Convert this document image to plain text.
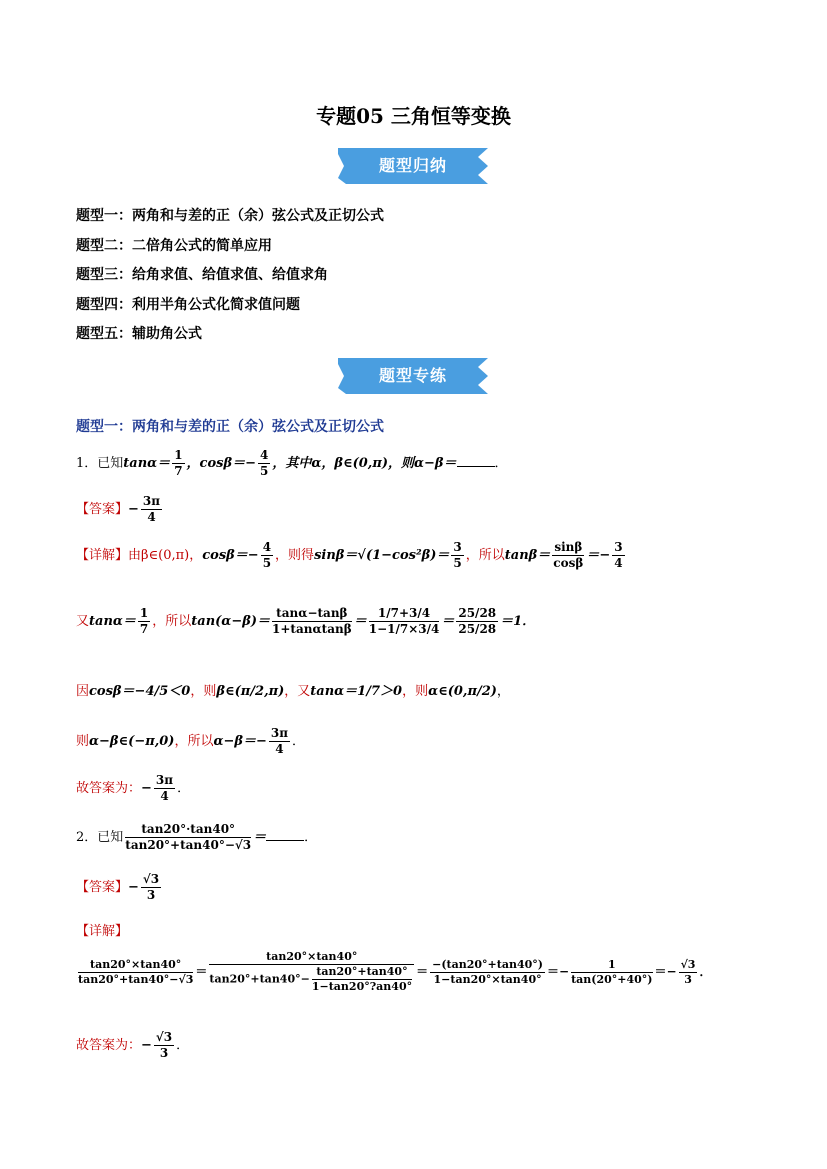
专题05 三角恒等变换
题型归纳
题型一：两角和与差的正（余）弦公式及正切公式
题型二：二倍角公式的简单应用
题型三：给角求值、给值求值、给值求角
题型四：利用半角公式化简求值问题
题型五：辅助角公式
题型专练
题型一：两角和与差的正（余）弦公式及正切公式
1．已知$\tan\alpha= \frac{1}{7}$ ，$\cos\beta=- \frac{4}{5}$ ，其中α，β∈(0,π)，则α−β＝	．
【答案】− $\frac{3\pi}{4}$
【详解】由β∈(0,π)，$\cos\beta=- \frac{4}{5}$ ，则得$\sin\beta=√(1-\cos^2\beta)= \frac{3}{5}$ ，所以$\tan\beta= \frac{\sin\beta}{\cos\beta} =- \frac{3}{4}$
又$\tan\alpha= \frac{1}{7}$ ，所以$\tan(\alpha-\beta)= \frac{\tan\alpha-\tan\beta}{1+\tan\alpha\tan\beta} = \frac{1/7+3/4}{1-1/7\times 3/4} = \frac{25/28}{25/28} =1$．
因cosβ＝−4/5＜0，则β∈(π/2,π)，又tanα＝1/7＞0，则α∈(0,π/2)，
则α−β∈(−π,0)，所以$\alpha-\beta=- \frac{3\pi}{4}$ ．
故答案为：− $\frac{3\pi}{4}$ ．
2．已知 $\frac{\tan 20^\circ\cdot\tan 40^\circ}{\tan 20^\circ+\tan 40^\circ-√3}$ ＝	．
【答案】− $\frac{√3}{3}$
【详解】
$\frac{\tan 20^\circ\times\tan 40^\circ}{\tan 20^\circ+\tan 40^\circ-√3} = \frac{\tan 20^\circ\times\tan 40^\circ}{\tan 20^\circ+\tan 40^\circ- \frac{\tan 20^\circ+\tan 40^\circ}{1-\tan 20^\circ?an40^\circ}} = \frac{-(\tan 20^\circ+\tan 40^\circ)}{1-\tan 20^\circ\times\tan 40^\circ} =- \frac{1}{\tan(20^\circ+40^\circ)} =- \frac{√3}{3}$ ．
故答案为：− $\frac{√3}{3}$ ．
